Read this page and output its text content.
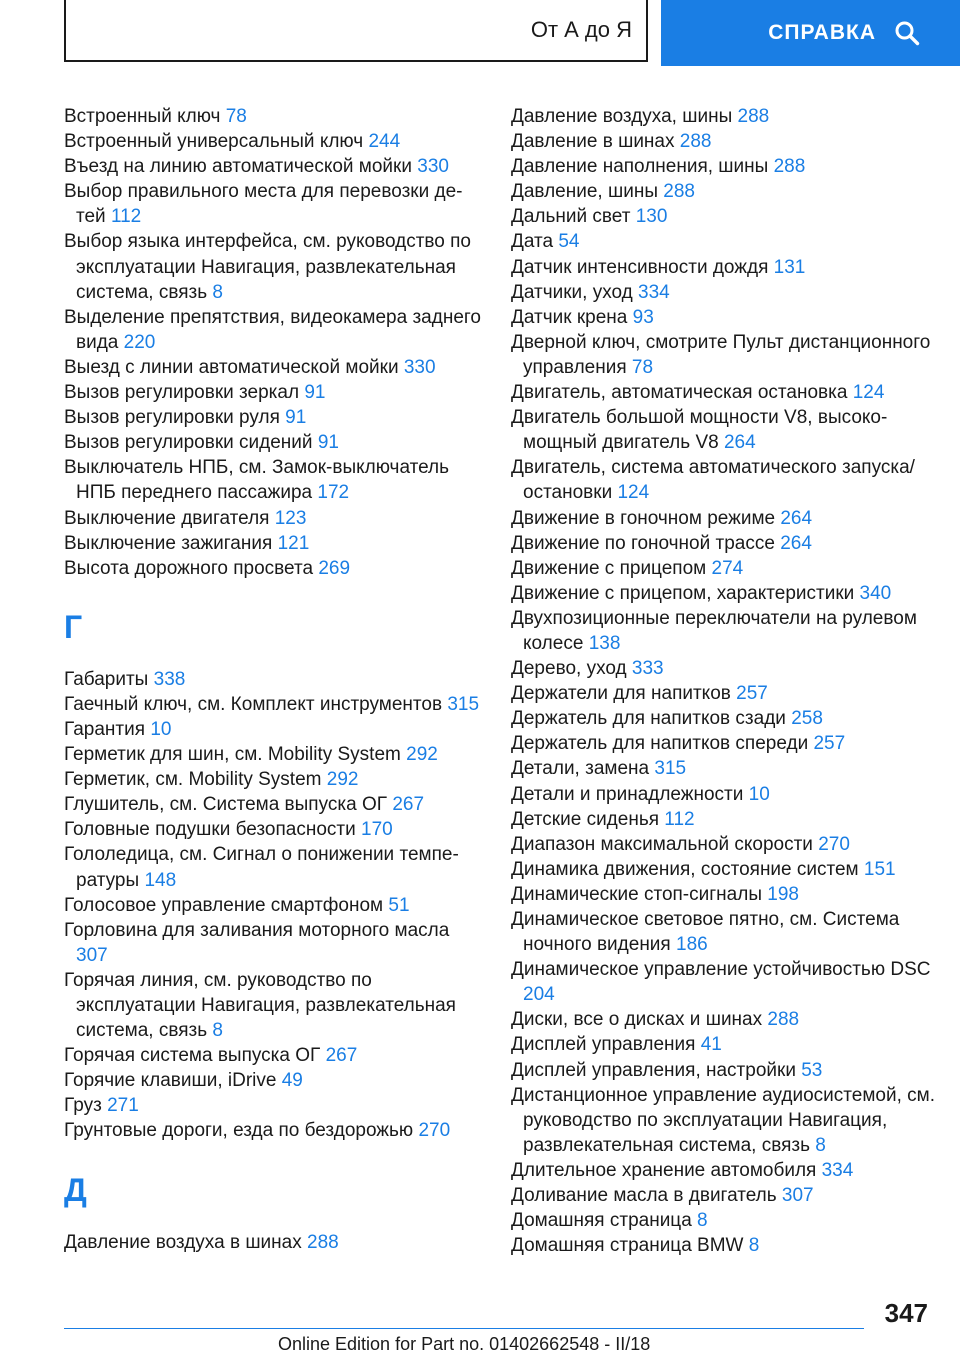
От А до Я	СПРАВКА
Встроенный ключ 78
Встроенный универсальный ключ 244
Въезд на линию автоматической мойки 330
Выбор правильного места для перевозки детей 112
Выбор языка интерфейса, см. руководство по эксплуатации Навигация, развлекательная система, связь 8
Выделение препятствия, видеокамера заднего вида 220
Выезд с линии автоматической мойки 330
Вызов регулировки зеркал 91
Вызов регулировки руля 91
Вызов регулировки сидений 91
Выключатель НПБ, см. Замок-выключатель НПБ переднего пассажира 172
Выключение двигателя 123
Выключение зажигания 121
Высота дорожного просвета 269
Г
Габариты 338
Гаечный ключ, см. Комплект инструментов 315
Гарантия 10
Герметик для шин, см. Mobility System 292
Герметик, см. Mobility System 292
Глушитель, см. Система выпуска ОГ 267
Головные подушки безопасности 170
Гололедица, см. Сигнал о понижении температуры 148
Голосовое управление смартфоном 51
Горловина для заливания моторного масла 307
Горячая линия, см. руководство по эксплуатации Навигация, развлекательная система, связь 8
Горячая система выпуска ОГ 267
Горячие клавиши, iDrive 49
Груз 271
Грунтовые дороги, езда по бездорожью 270
Д
Давление воздуха в шинах 288
Давление воздуха, шины 288
Давление в шинах 288
Давление наполнения, шины 288
Давление, шины 288
Дальний свет 130
Дата 54
Датчик интенсивности дождя 131
Датчики, уход 334
Датчик крена 93
Дверной ключ, смотрите Пульт дистанционного управления 78
Двигатель, автоматическая остановка 124
Двигатель большой мощности V8, высокомощный двигатель V8 264
Двигатель, система автоматического запуска/остановки 124
Движение в гоночном режиме 264
Движение по гоночной трассе 264
Движение с прицепом 274
Движение с прицепом, характеристики 340
Двухпозиционные переключатели на рулевом колесе 138
Дерево, уход 333
Держатели для напитков 257
Держатель для напитков сзади 258
Держатель для напитков спереди 257
Детали, замена 315
Детали и принадлежности 10
Детские сиденья 112
Диапазон максимальной скорости 270
Динамика движения, состояние систем 151
Динамические стоп-сигналы 198
Динамическое световое пятно, см. Система ночного видения 186
Динамическое управление устойчивостью DSC 204
Диски, все о дисках и шинах 288
Дисплей управления 41
Дисплей управления, настройки 53
Дистанционное управление аудиосистемой, см. руководство по эксплуатации Навигация, развлекательная система, связь 8
Длительное хранение автомобиля 334
Доливание масла в двигатель 307
Домашняя страница 8
Домашняя страница BMW 8
347
Online Edition for Part no. 01402662548 - II/18
